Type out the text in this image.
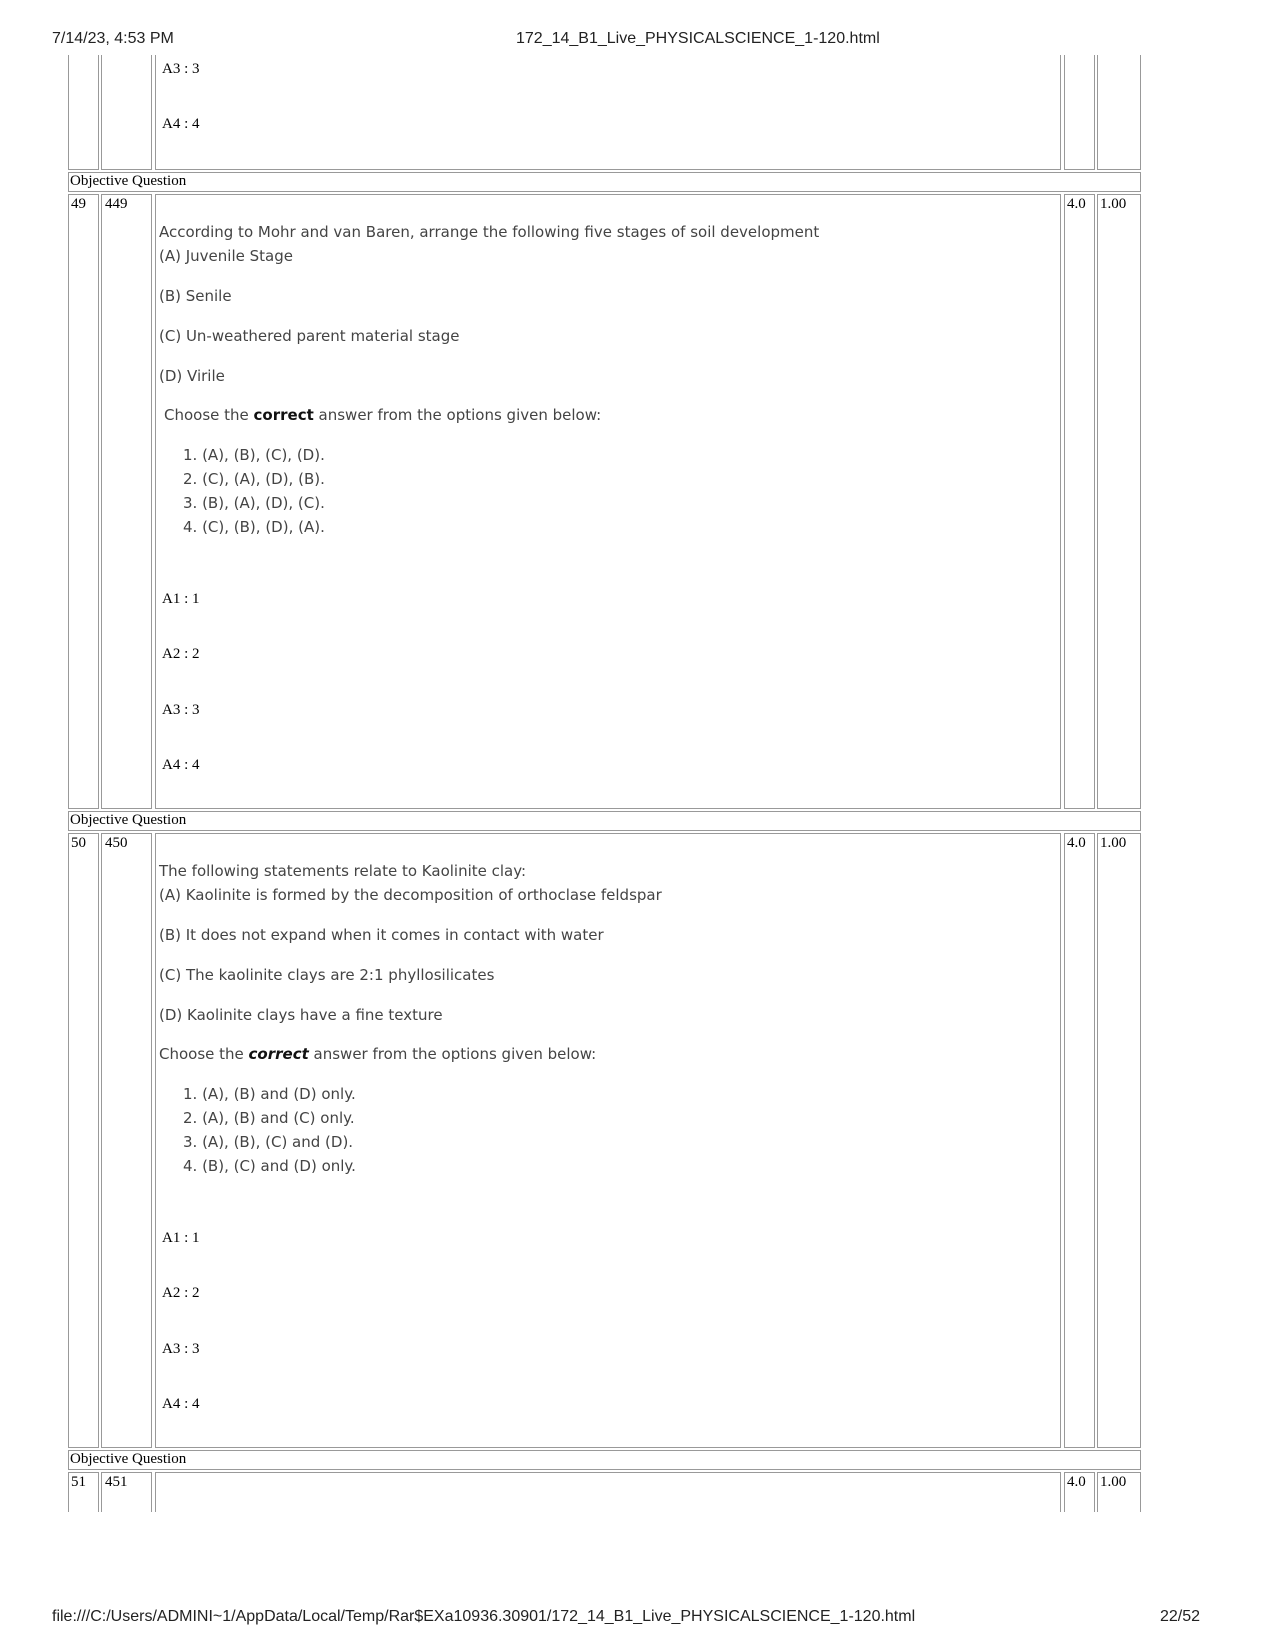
7/14/23, 4:53 PM	172_14_B1_Live_PHYSICALSCIENCE_1-120.html
A3 : 3
A4 : 4
Objective Question
49 449
According to Mohr and van Baren, arrange the following five stages of soil development
(A) Juvenile Stage
(B) Senile
(C) Un-weathered parent material stage
(D) Virile
Choose the correct answer from the options given below:
1. (A), (B), (C), (D).
2. (C), (A), (D), (B).
3. (B), (A), (D), (C).
4. (C), (B), (D), (A).
A1 : 1
A2 : 2
A3 : 3
A4 : 4
4.0 1.00
Objective Question
50 450
The following statements relate to Kaolinite clay:
(A) Kaolinite is formed by the decomposition of orthoclase feldspar
(B) It does not expand when it comes in contact with water
(C) The kaolinite clays are 2:1 phyllosilicates
(D) Kaolinite clays have a fine texture
Choose the correct answer from the options given below:
1. (A), (B) and (D) only.
2. (A), (B) and (C) only.
3. (A), (B), (C) and (D).
4. (B), (C) and (D) only.
A1 : 1
A2 : 2
A3 : 3
A4 : 4
4.0 1.00
Objective Question
51 451	4.0 1.00
file:///C:/Users/ADMINI~1/AppData/Local/Temp/Rar$EXa10936.30901/172_14_B1_Live_PHYSICALSCIENCE_1-120.html	22/52
